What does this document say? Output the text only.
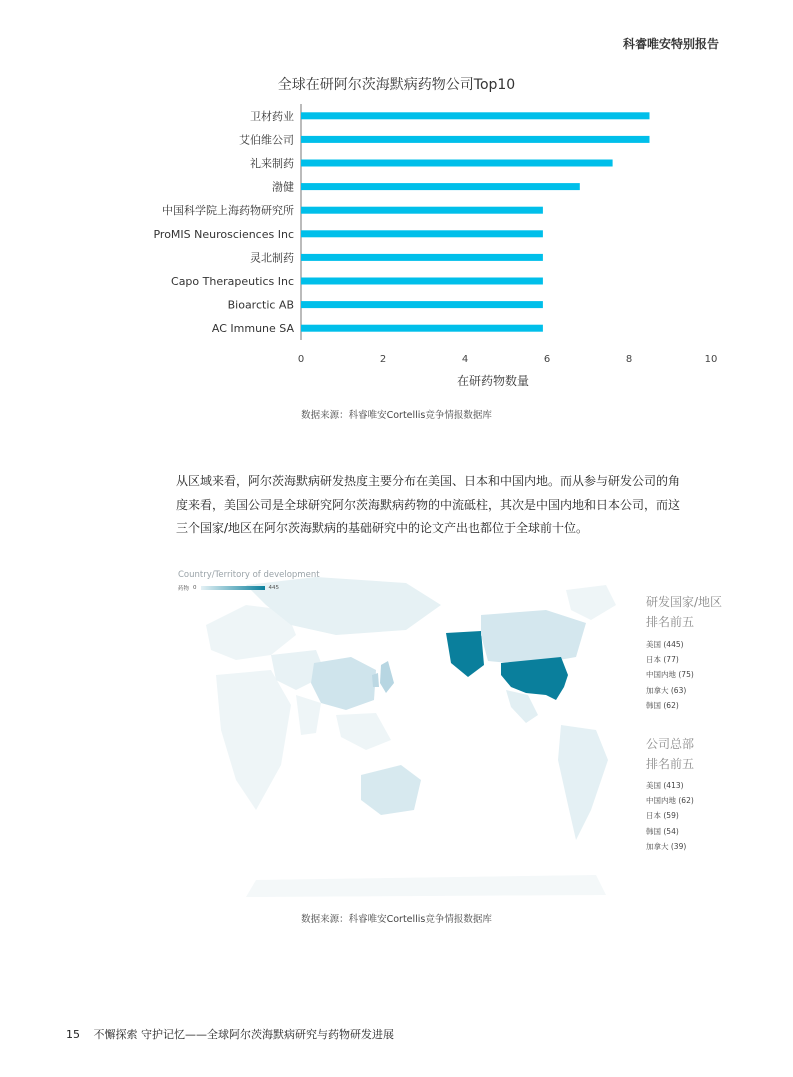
科睿唯安特别报告
全球在研阿尔茨海默病药物公司Top10
卫材药业
艾伯维公司
礼来制药
渤健
中国科学院上海药物研究所
ProMIS Neurosciences Inc
灵北制药
Capo Therapeutics Inc
Bioarctic AB
AC Immune SA
0	2	4	6	8	10
在研药物数量
数据来源：科睿唯安Cortellis竞争情报数据库
从区域来看，阿尔茨海默病研发热度主要分布在美国、日本和中国内地。而从参与研发公司的角
度来看，美国公司是全球研究阿尔茨海默病药物的中流砥柱，其次是中国内地和日本公司，而这
三个国家/地区在阿尔茨海默病的基础研究中的论文产出也都位于全球前十位。
Country/Territory of development
药物 0	445
研发国家/地区
排名前五
美国 (445)
日本 (77)
中国内地 (75)
加拿大 (63)
韩国 (62)
公司总部
排名前五
美国 (413)
中国内地 (62)
日本 (59)
韩国 (54)
加拿大 (39)
数据来源：科睿唯安Cortellis竞争情报数据库
15 不懈探索 守护记忆——全球阿尔茨海默病研究与药物研发进展
